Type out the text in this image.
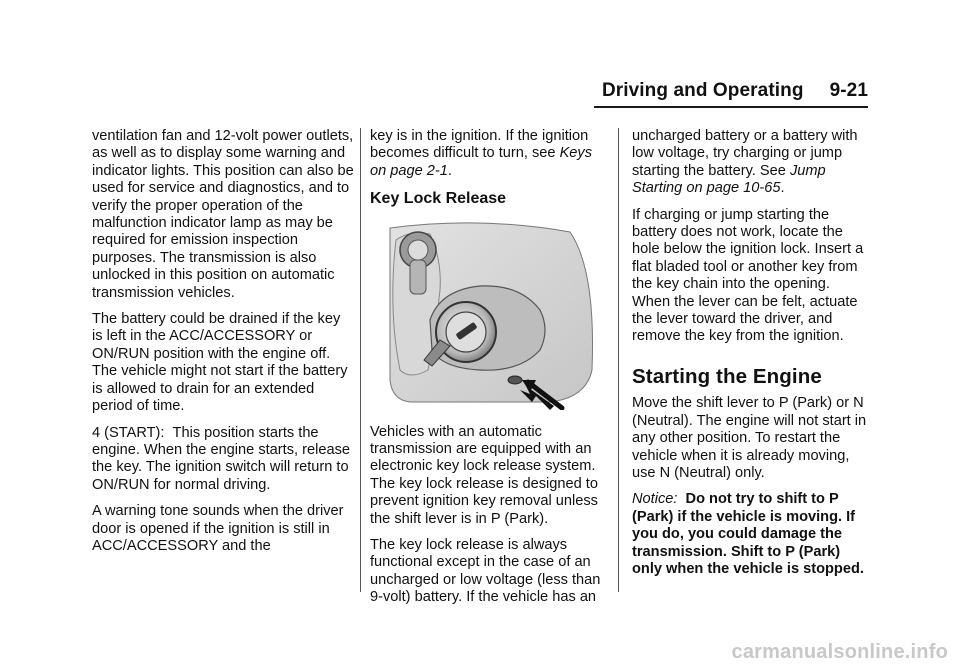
Driving and Operating 9-21

ventilation fan and 12-volt power outlets, as well as to display some warning and indicator lights. This position can also be used for service and diagnostics, and to verify the proper operation of the malfunction indicator lamp as may be required for emission inspection purposes. The transmission is also unlocked in this position on automatic transmission vehicles.

The battery could be drained if the key is left in the ACC/ACCESSORY or ON/RUN position with the engine off. The vehicle might not start if the battery is allowed to drain for an extended period of time.

4 (START): This position starts the engine. When the engine starts, release the key. The ignition switch will return to ON/RUN for normal driving.

A warning tone sounds when the driver door is opened if the ignition is still in ACC/ACCESSORY and the

key is in the ignition. If the ignition becomes difficult to turn, see Keys on page 2-1.

Key Lock Release

Vehicles with an automatic transmission are equipped with an electronic key lock release system. The key lock release is designed to prevent ignition key removal unless the shift lever is in P (Park).

The key lock release is always functional except in the case of an uncharged or low voltage (less than 9-volt) battery. If the vehicle has an

uncharged battery or a battery with low voltage, try charging or jump starting the battery. See Jump Starting on page 10-65.

If charging or jump starting the battery does not work, locate the hole below the ignition lock. Insert a flat bladed tool or another key from the key chain into the opening. When the lever can be felt, actuate the lever toward the driver, and remove the key from the ignition.

Starting the Engine

Move the shift lever to P (Park) or N (Neutral). The engine will not start in any other position. To restart the vehicle when it is already moving, use N (Neutral) only.

Notice: Do not try to shift to P (Park) if the vehicle is moving. If you do, you could damage the transmission. Shift to P (Park) only when the vehicle is stopped.

carmanualsonline.info
